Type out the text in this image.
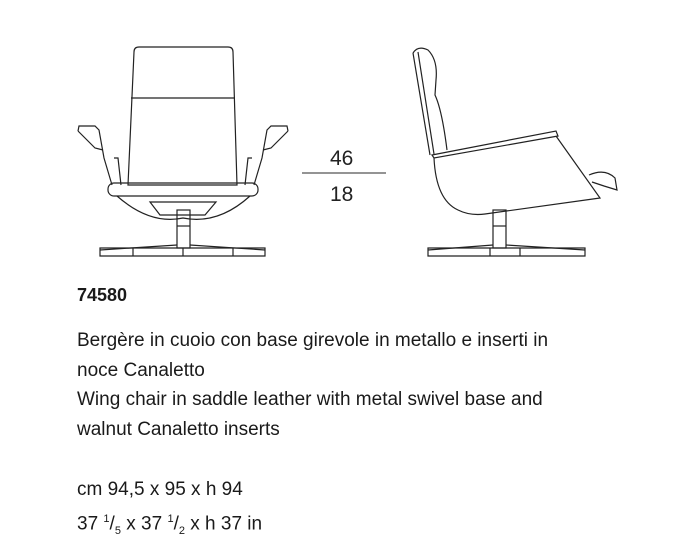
46
18
74580
Bergère in cuoio con base girevole in metallo e inserti in
noce Canaletto
Wing chair in saddle leather with metal swivel base and
walnut Canaletto inserts
cm 94,5 x 95 x h 94
37 $^1/_5$ x 37 $^1/_2$ x h 37 in
